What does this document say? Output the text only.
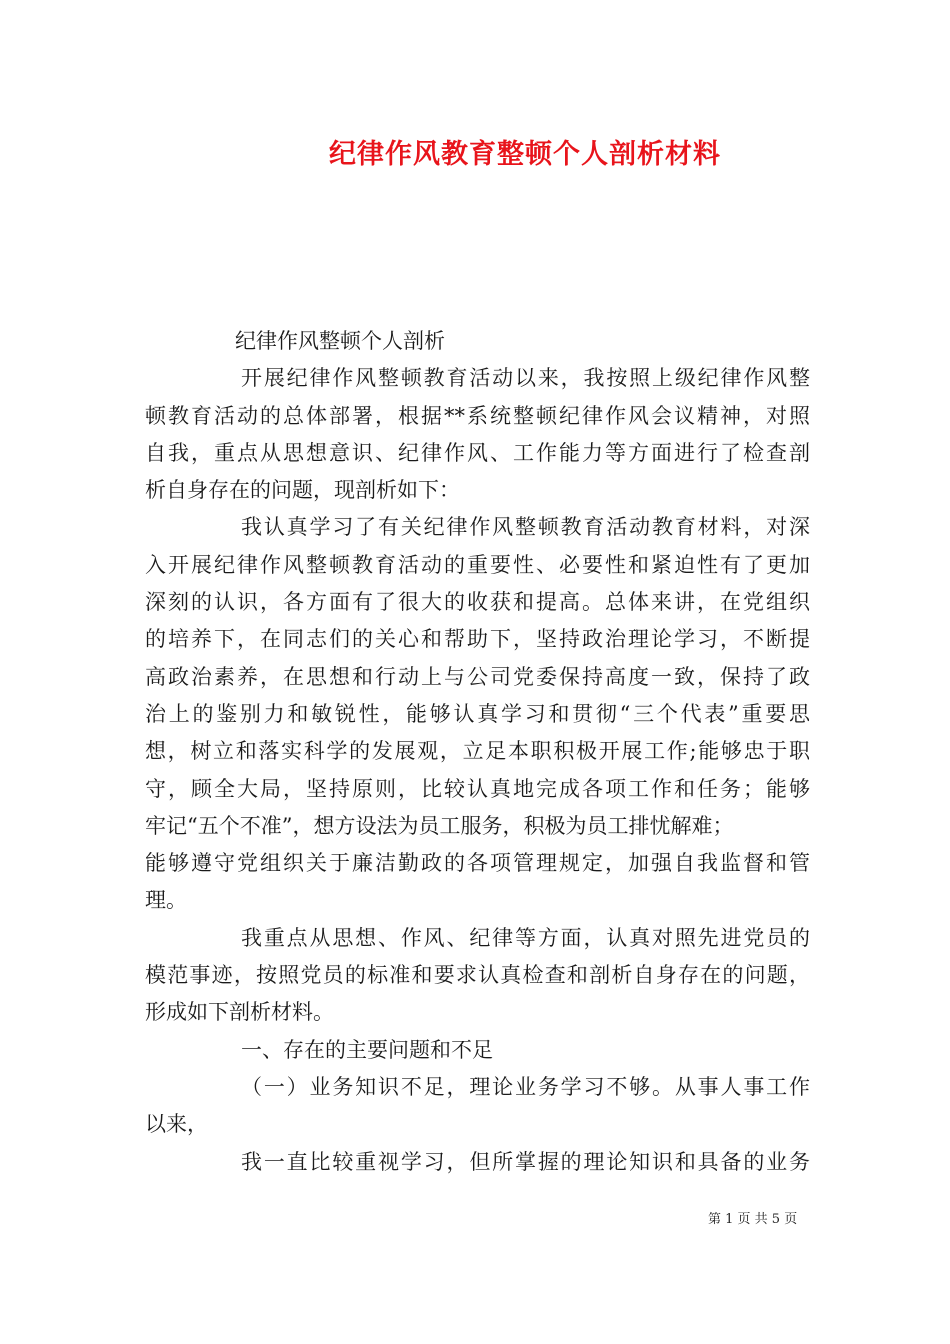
纪律作风教育整顿个人剖析材料
纪律作风整顿个人剖析
开展纪律作风整顿教育活动以来，我按照上级纪律作风整
顿教育活动的总体部署，根据**系统整顿纪律作风会议精神，对照
自我，重点从思想意识、纪律作风、工作能力等方面进行了检查剖
析自身存在的问题，现剖析如下：
我认真学习了有关纪律作风整顿教育活动教育材料，对深
入开展纪律作风整顿教育活动的重要性、必要性和紧迫性有了更加
深刻的认识，各方面有了很大的收获和提高。总体来讲，在党组织
的培养下，在同志们的关心和帮助下，坚持政治理论学习，不断提
高政治素养，在思想和行动上与公司党委保持高度一致，保持了政
治上的鉴别力和敏锐性，能够认真学习和贯彻“三个代表”重要思
想，树立和落实科学的发展观，立足本职积极开展工作;能够忠于职
守，顾全大局，坚持原则，比较认真地完成各项工作和任务；能够
牢记“五个不准”，想方设法为员工服务，积极为员工排忧解难；
能够遵守党组织关于廉洁勤政的各项管理规定，加强自我监督和管
理。
我重点从思想、作风、纪律等方面，认真对照先进党员的
模范事迹，按照党员的标准和要求认真检查和剖析自身存在的问题，
形成如下剖析材料。
一、存在的主要问题和不足
（一）业务知识不足，理论业务学习不够。从事人事工作
以来，
我一直比较重视学习，但所掌握的理论知识和具备的业务
第 1 页 共 5 页
